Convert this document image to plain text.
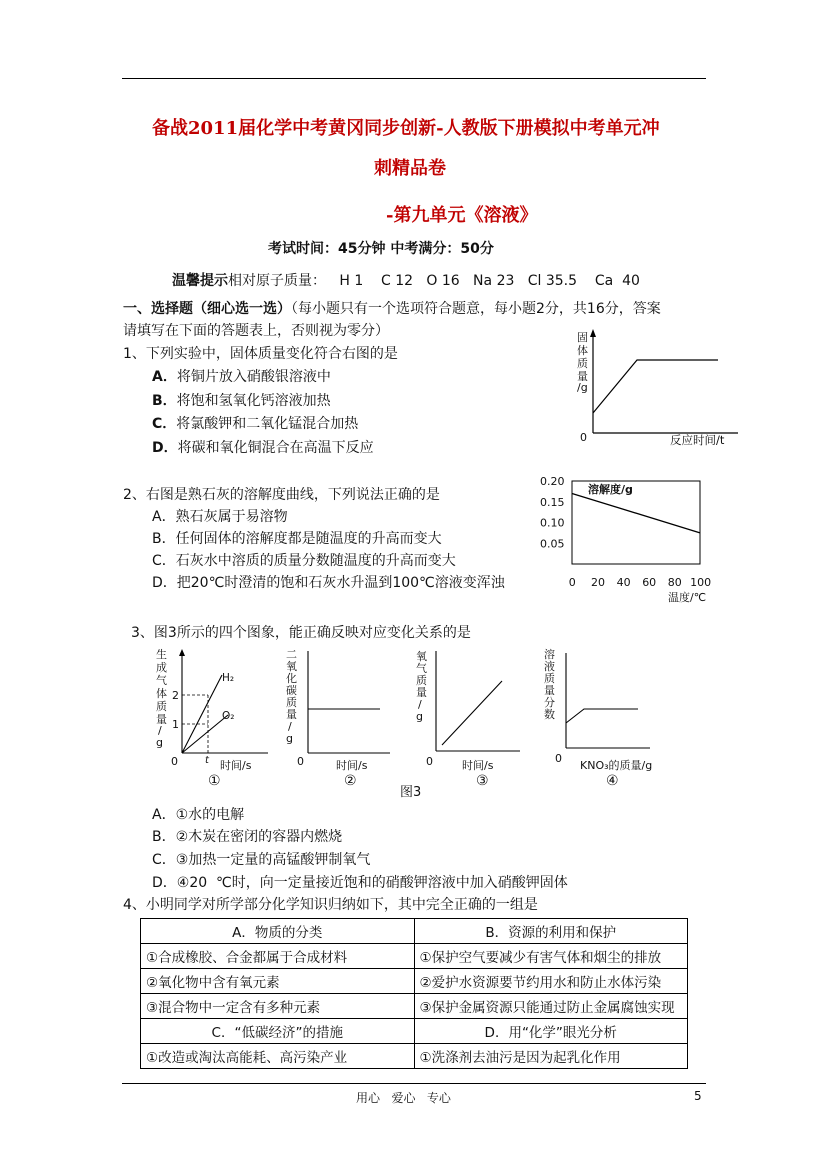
备战2011届化学中考黄冈同步创新-人教版下册模拟中考单元冲
刺精品卷
-第九单元《溶液》
考试时间：45分钟 中考满分：50分
温馨提示相对原子质量：   H 1    C 12   O 16   Na 23   Cl 35.5    Ca  40
一、选择题（细心选一选）（每小题只有一个选项符合题意，每小题2分，共16分，答案
请填写在下面的答题表上，否则视为零分）
1、下列实验中，固体质量变化符合右图的是
A．将铜片放入硝酸银溶液中
B．将饱和氢氧化钙溶液加热
C．将氯酸钾和二氧化锰混合加热
D．将碳和氧化铜混合在高温下反应
固
体
质
量
/g
0	反应时间/t
2、右图是熟石灰的溶解度曲线，下列说法正确的是
A．熟石灰属于易溶物
B．任何固体的溶解度都是随温度的升高而变大
C．石灰水中溶质的质量分数随温度的升高而变大
D．把20℃时澄清的饱和石灰水升温到100℃溶液变浑浊	0 20 40 60 80 100
0.20
0.15
0.10
0.05
溶解度/g
温度/℃
3、图3所示的四个图象，能正确反映对应变化关系的是
生
成
气
体
质
量
/
g
H₂
O₂
2
1
t
0	时间/s
①
二
氧
化
碳
质
量
/
g
0	时间/s
②
氧
气
质
量
/
g
0	时间/s
③
溶
液
质
量
分
数
0
KNO₃的质量/g
④
图3
A．①水的电解
B．②木炭在密闭的容器内燃烧
C．③加热一定量的高锰酸钾制氧气
D．④20  ℃时，向一定量接近饱和的硝酸钾溶液中加入硝酸钾固体
4、小明同学对所学部分化学知识归纳如下，其中完全正确的一组是
A．物质的分类	B．资源的利用和保护
①合成橡胶、合金都属于合成材料	①保护空气要减少有害气体和烟尘的排放
②氧化物中含有氧元素	②爱护水资源要节约用水和防止水体污染
③混合物中一定含有多种元素	③保护金属资源只能通过防止金属腐蚀实现
C．“低碳经济”的措施	D．用“化学”眼光分析
①改造或淘汰高能耗、高污染产业	①洗涤剂去油污是因为起乳化作用
用心   爱心   专心	5
